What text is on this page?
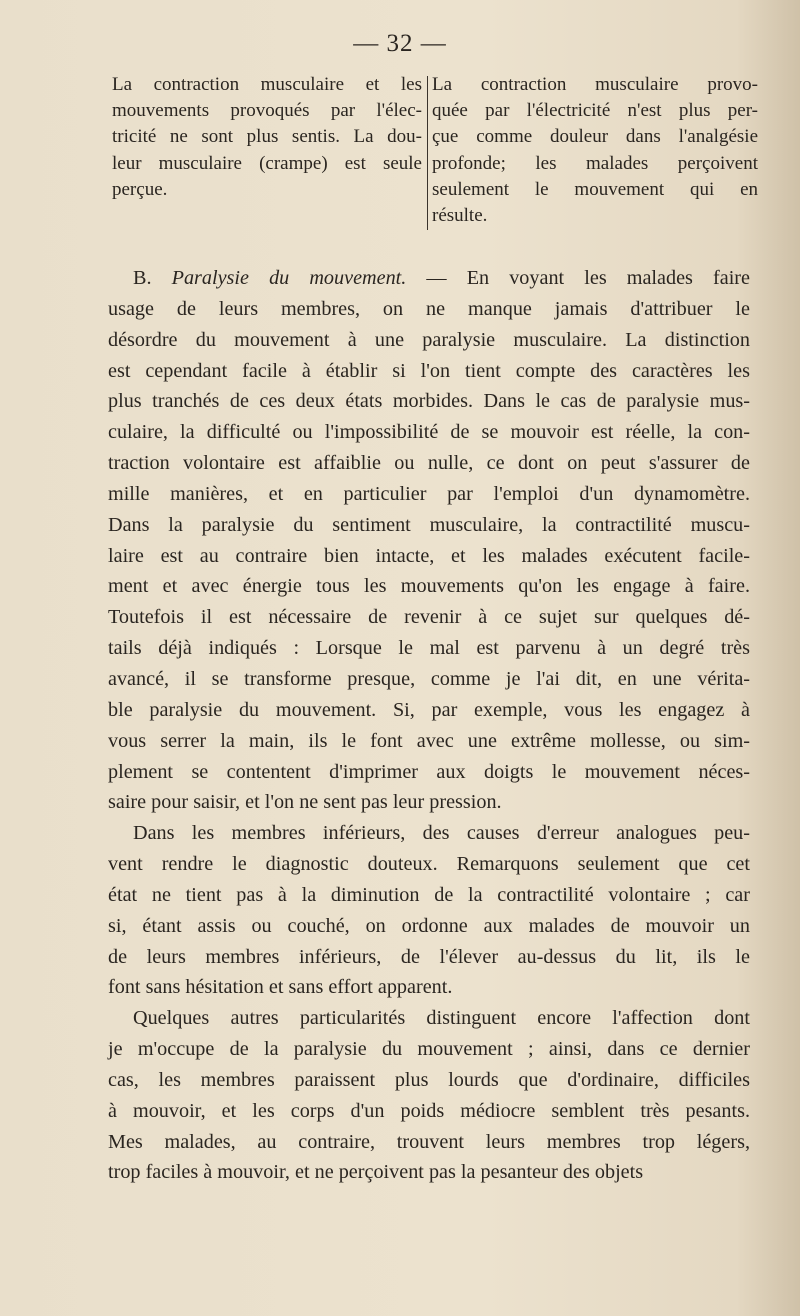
— 32 —
La contraction musculaire et les
mouvements provoqués par l'élec-
tricité ne sont plus sentis. La dou-
leur musculaire (crampe) est seule
perçue.
La contraction musculaire provo-
quée par l'électricité n'est plus per-
çue comme douleur dans l'analgésie
profonde; les malades perçoivent
seulement le mouvement qui en
résulte.
B. Paralysie du mouvement. — En voyant les malades faire
usage de leurs membres, on ne manque jamais d'attribuer le
désordre du mouvement à une paralysie musculaire. La distinction
est cependant facile à établir si l'on tient compte des caractères les
plus tranchés de ces deux états morbides. Dans le cas de paralysie mus-
culaire, la difficulté ou l'impossibilité de se mouvoir est réelle, la con-
traction volontaire est affaiblie ou nulle, ce dont on peut s'assurer de
mille manières, et en particulier par l'emploi d'un dynamomètre.
Dans la paralysie du sentiment musculaire, la contractilité muscu-
laire est au contraire bien intacte, et les malades exécutent facile-
ment et avec énergie tous les mouvements qu'on les engage à faire.
Toutefois il est nécessaire de revenir à ce sujet sur quelques dé-
tails déjà indiqués : Lorsque le mal est parvenu à un degré très
avancé, il se transforme presque, comme je l'ai dit, en une vérita-
ble paralysie du mouvement. Si, par exemple, vous les engagez à
vous serrer la main, ils le font avec une extrême mollesse, ou sim-
plement se contentent d'imprimer aux doigts le mouvement néces-
saire pour saisir, et l'on ne sent pas leur pression.
Dans les membres inférieurs, des causes d'erreur analogues peu-
vent rendre le diagnostic douteux. Remarquons seulement que cet
état ne tient pas à la diminution de la contractilité volontaire ; car
si, étant assis ou couché, on ordonne aux malades de mouvoir un
de leurs membres inférieurs, de l'élever au-dessus du lit, ils le
font sans hésitation et sans effort apparent.
Quelques autres particularités distinguent encore l'affection dont
je m'occupe de la paralysie du mouvement ; ainsi, dans ce dernier
cas, les membres paraissent plus lourds que d'ordinaire, difficiles
à mouvoir, et les corps d'un poids médiocre semblent très pesants.
Mes malades, au contraire, trouvent leurs membres trop légers,
trop faciles à mouvoir, et ne perçoivent pas la pesanteur des objets
